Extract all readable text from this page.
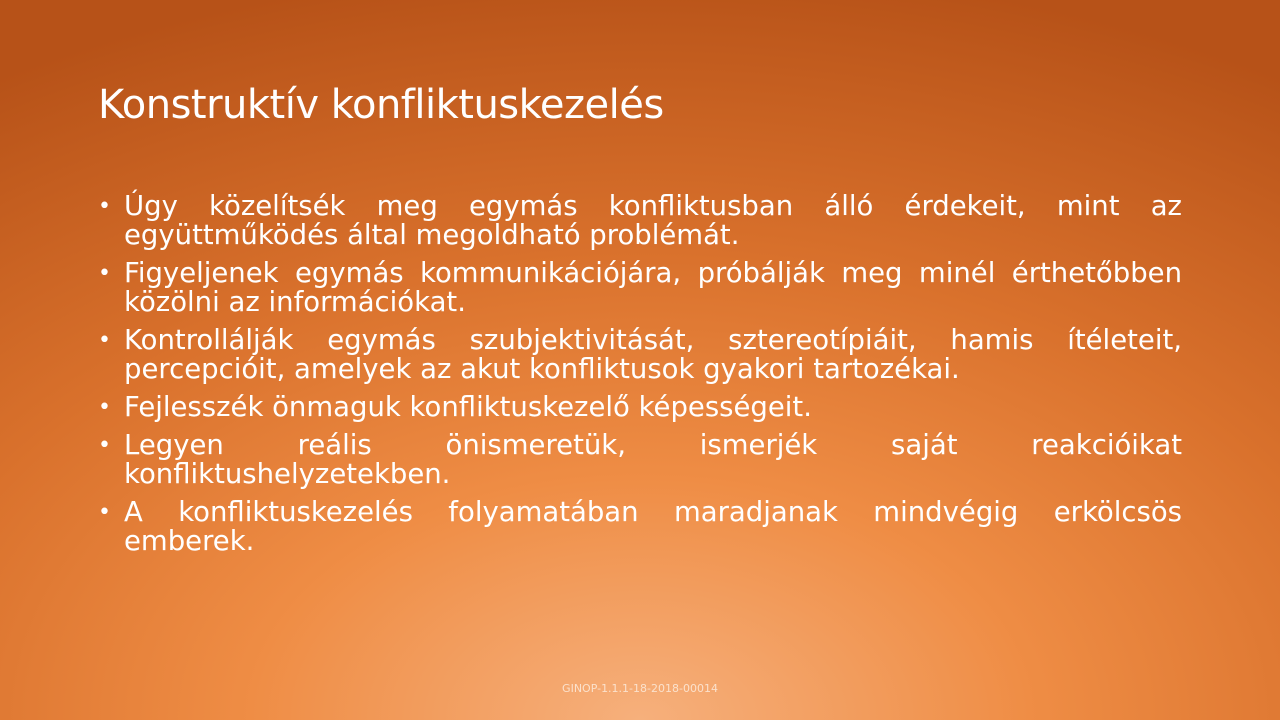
Konstruktív konfliktuskezelés
• Úgy közelítsék meg egymás konfliktusban álló érdekeit, mint az együttműködés által megoldható problémát.
• Figyeljenek egymás kommunikációjára, próbálják meg minél érthetőbben közölni az információkat.
• Kontrollálják egymás szubjektivitását, sztereotípiáit, hamis ítéleteit, percepcióit, amelyek az akut konfliktusok gyakori tartozékai.
• Fejlesszék önmaguk konfliktuskezelő képességeit.
• Legyen reális önismeretük, ismerjék saját reakcióikat konfliktushelyzetekben.
• A konfliktuskezelés folyamatában maradjanak mindvégig erkölcsös emberek.
GINOP-1.1.1-18-2018-00014
